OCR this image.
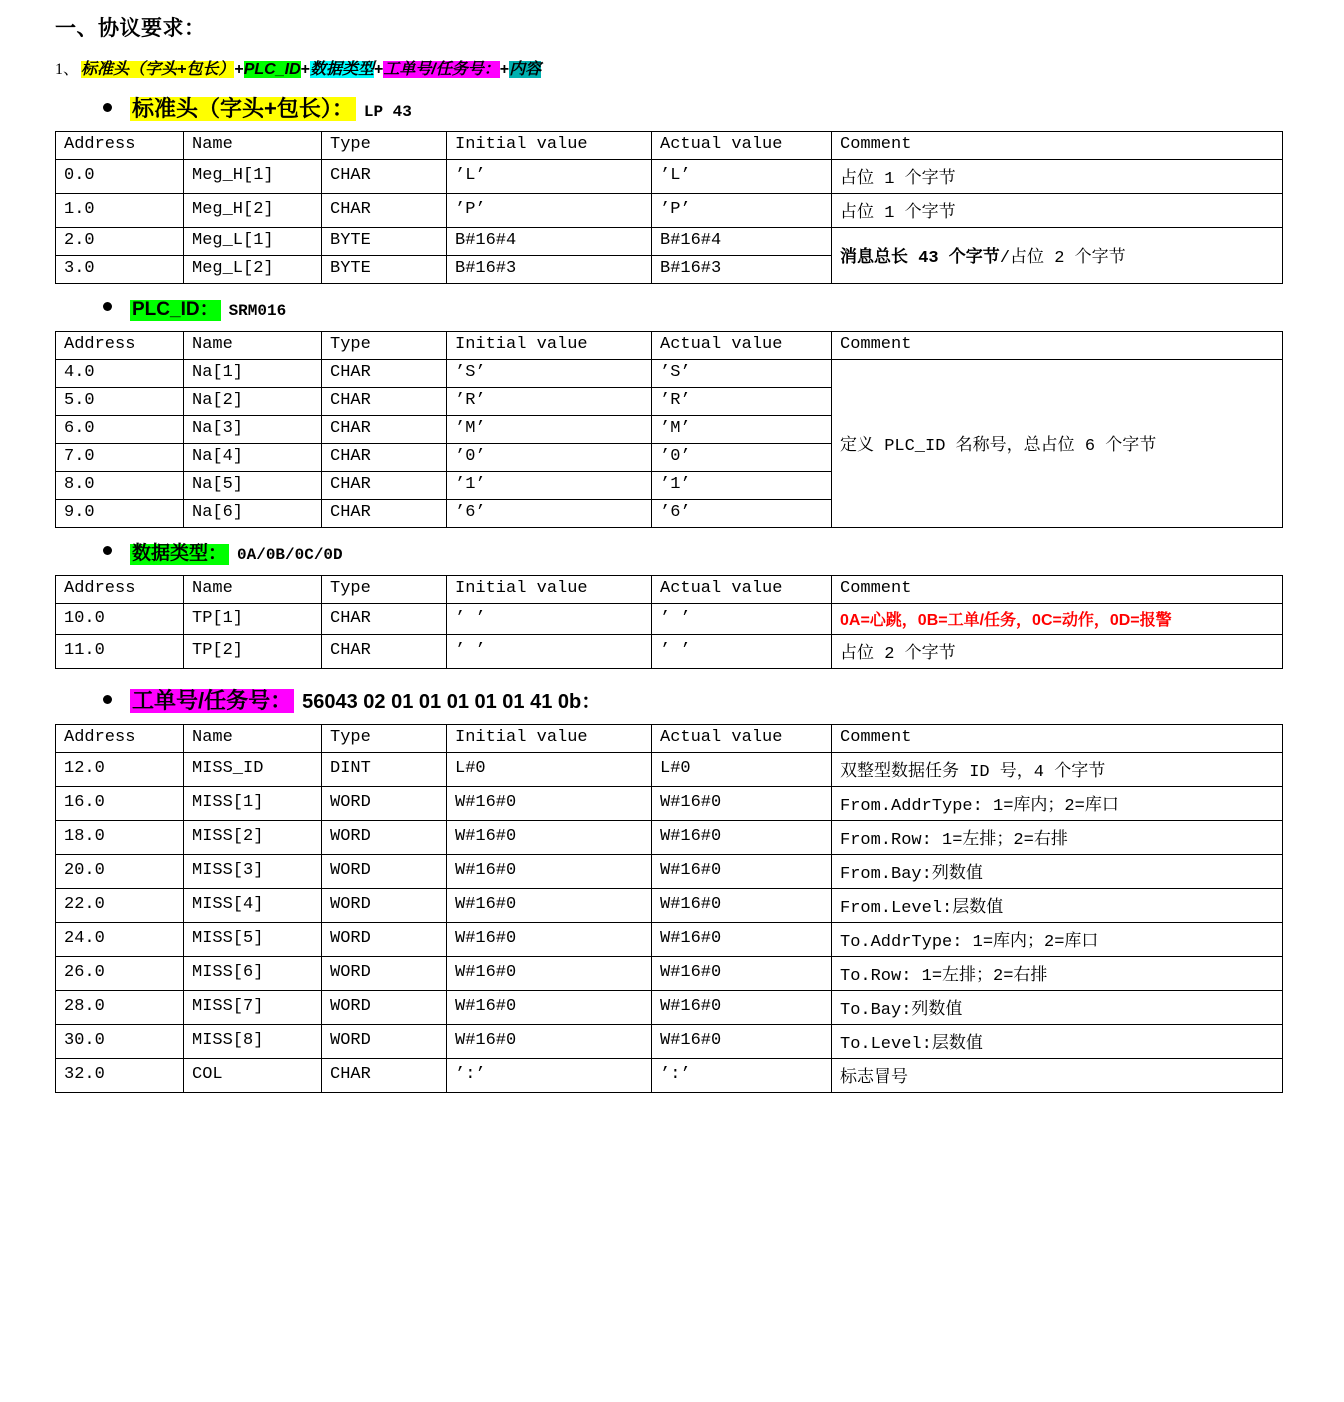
一、协议要求：
1、 标准头（字头+包长）+PLC_ID+数据类型+工单号/任务号：+内容
标准头（字头+包长）： LP 43
Address	Name	Type	Initial value	Actual value	Comment
0.0	Meg_H[1]	CHAR	’L’	’L’	占位 1 个字节
1.0	Meg_H[2]	CHAR	’P’	’P’	占位 1 个字节
2.0	Meg_L[1]	BYTE	B#16#4	B#16#4	消息总长 43 个字节/占位 2 个字节
3.0	Meg_L[2]	BYTE	B#16#3	B#16#3	
PLC_ID： SRM016
Address	Name	Type	Initial value	Actual value	Comment
4.0	Na[1]	CHAR	’S’	’S’	定义 PLC_ID 名称号，总占位 6 个字节
5.0	Na[2]	CHAR	’R’	’R’	
6.0	Na[3]	CHAR	’M’	’M’	
7.0	Na[4]	CHAR	’0’	’0’	
8.0	Na[5]	CHAR	’1’	’1’	
9.0	Na[6]	CHAR	’6’	’6’	
数据类型： 0A/0B/0C/0D
Address	Name	Type	Initial value	Actual value	Comment
10.0	TP[1]	CHAR	’ ’	’ ’	0A=心跳，0B=工单/任务，0C=动作，0D=报警
11.0	TP[2]	CHAR	’ ’	’ ’	占位 2 个字节
工单号/任务号： 56043 02 01 01 01 01 01 41 0b：
Address	Name	Type	Initial value	Actual value	Comment
12.0	MISS_ID	DINT	L#0	L#0	双整型数据任务 ID 号，4 个字节
16.0	MISS[1]	WORD	W#16#0	W#16#0	From.AddrType: 1=库内；2=库口
18.0	MISS[2]	WORD	W#16#0	W#16#0	From.Row: 1=左排；2=右排
20.0	MISS[3]	WORD	W#16#0	W#16#0	From.Bay:列数值
22.0	MISS[4]	WORD	W#16#0	W#16#0	From.Level:层数值
24.0	MISS[5]	WORD	W#16#0	W#16#0	To.AddrType: 1=库内；2=库口
26.0	MISS[6]	WORD	W#16#0	W#16#0	To.Row: 1=左排；2=右排
28.0	MISS[7]	WORD	W#16#0	W#16#0	To.Bay:列数值
30.0	MISS[8]	WORD	W#16#0	W#16#0	To.Level:层数值
32.0	COL	CHAR	’:’	’:’	标志冒号
